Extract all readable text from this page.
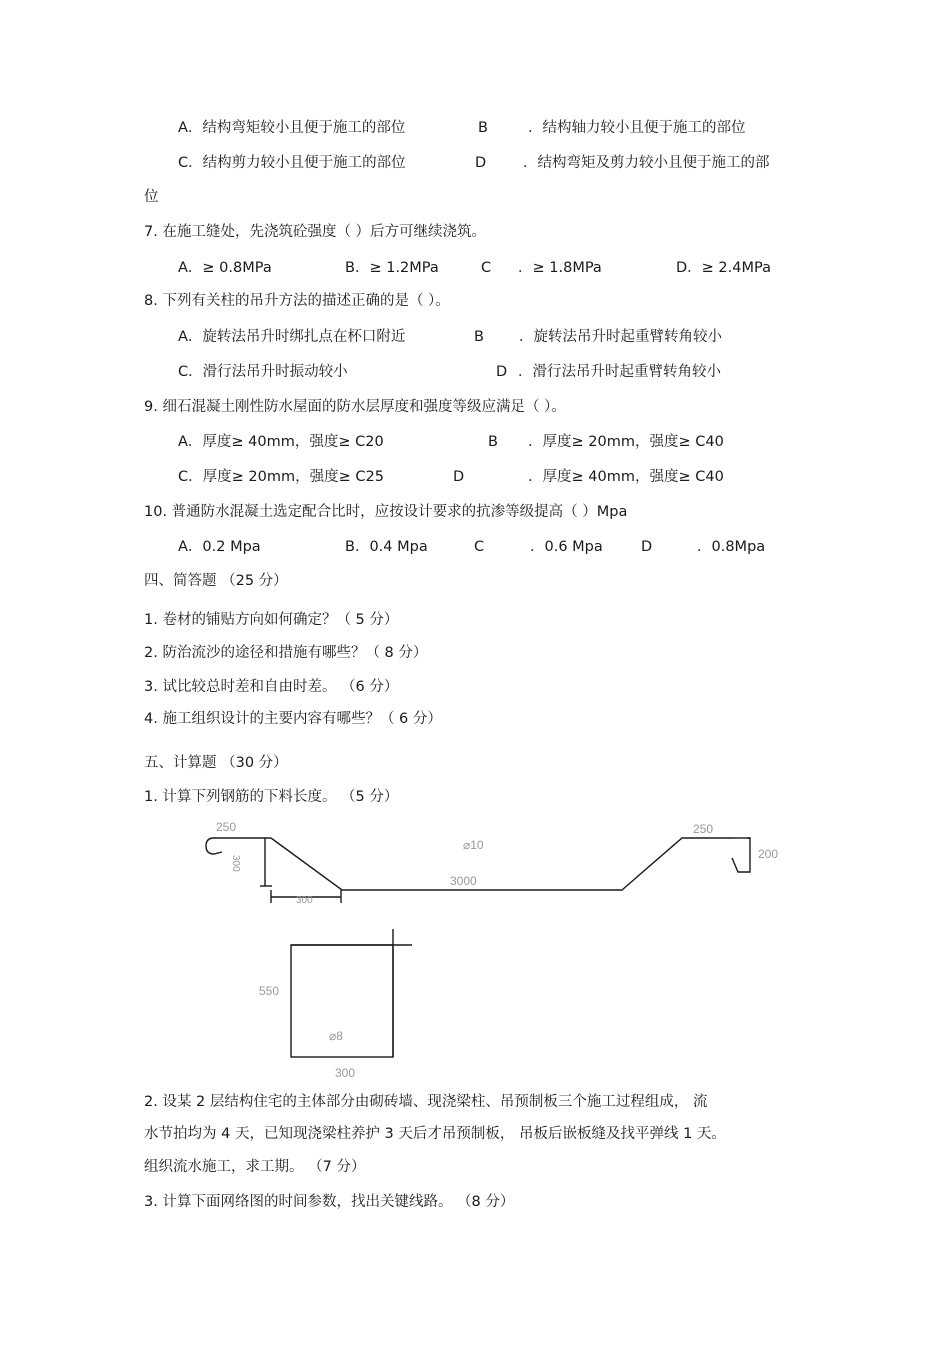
A．结构弯矩较小且便于施工的部位	B	．结构轴力较小且便于施工的部位
C．结构剪力较小且便于施工的部位	D	．结构弯矩及剪力较小且便于施工的部
位
7. 在施工缝处，先浇筑砼强度（ ）后方可继续浇筑。
A．≥ 0.8MPa	B．≥ 1.2MPa	C ．≥ 1.8MPa	D．≥ 2.4MPa
8. 下列有关柱的吊升方法的描述正确的是（ ）。
A．旋转法吊升时绑扎点在杯口附近	B ．旋转法吊升时起重臂转角较小
C．滑行法吊升时振动较小	D ．滑行法吊升时起重臂转角较小
9. 细石混凝土刚性防水屋面的防水层厚度和强度等级应满足（ ）。
A．厚度≥ 40mm，强度≥ C20	B ．厚度≥ 20mm，强度≥ C40
C．厚度≥ 20mm，强度≥ C25	D	．厚度≥ 40mm，强度≥ C40
10. 普通防水混凝土选定配合比时，应按设计要求的抗渗等级提高（ ）Mpa
A．0.2 Mpa	B．0.4 Mpa	C	．0.6 Mpa	D	．0.8Mpa
四、简答题 （25 分）
1. 卷材的铺贴方向如何确定？（ 5 分）
2. 防治流沙的途径和措施有哪些？（ 8 分）
3. 试比较总时差和自由时差。 （6 分）
4. 施工组织设计的主要内容有哪些？（ 6 分）
五、计算题 （30 分）
1. 计算下列钢筋的下料长度。 （5 分）
250
300
300
⌀10
3000
250
200
550
⌀8
300
2. 设某 2 层结构住宅的主体部分由砌砖墙、现浇梁柱、吊预制板三个施工过程组成， 流
水节拍均为 4 天，已知现浇梁柱养护 3 天后才吊预制板， 吊板后嵌板缝及找平弹线 1 天。
组织流水施工，求工期。 （7 分）
3. 计算下面网络图的时间参数，找出关键线路。 （8 分）
